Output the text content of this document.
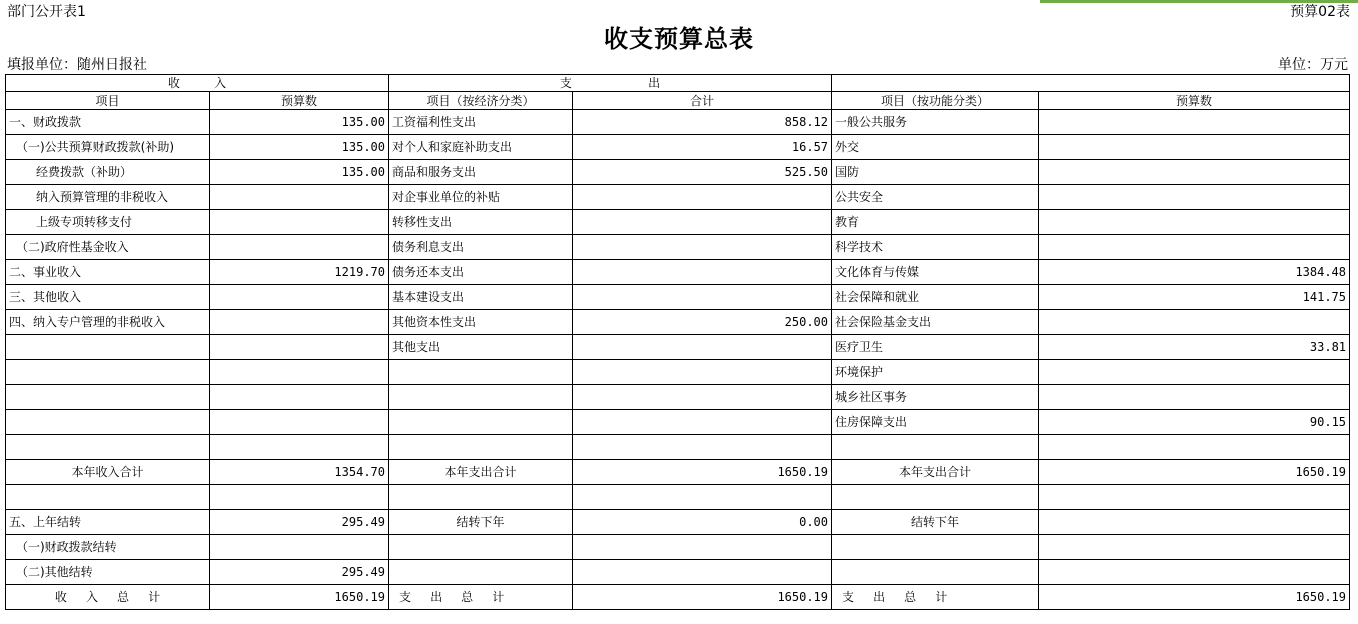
部门公开表1	预算02表
收支预算总表
填报单位：随州日报社	单位：万元
收         入		支                    出			
项目	预算数	项目（按经济分类）	合计	项目（按功能分类）	预算数
一、财政拨款	135.00	工资福利性支出	858.12	一般公共服务	
（一)公共预算财政拨款(补助)	135.00	对个人和家庭补助支出	16.57	外交	
经费拨款（补助）	135.00	商品和服务支出	525.50	国防	
纳入预算管理的非税收入		对企事业单位的补贴		公共安全	
上级专项转移支付		转移性支出		教育	
（二)政府性基金收入		债务利息支出		科学技术	
二、事业收入	1219.70	债务还本支出		文化体育与传媒	1384.48
三、其他收入		基本建设支出		社会保障和就业	141.75
四、纳入专户管理的非税收入		其他资本性支出	250.00	社会保险基金支出	
		其他支出		医疗卫生	33.81
				环境保护	
				城乡社区事务	
				住房保障支出	90.15

本年收入合计	1354.70	本年支出合计	1650.19	本年支出合计	1650.19

五、上年结转	295.49	结转下年	0.00	结转下年	
（一)财政拨款结转					
（二)其他结转	295.49				
收     入     总     计	1650.19	支     出     总     计	1650.19	支     出     总     计	1650.19
